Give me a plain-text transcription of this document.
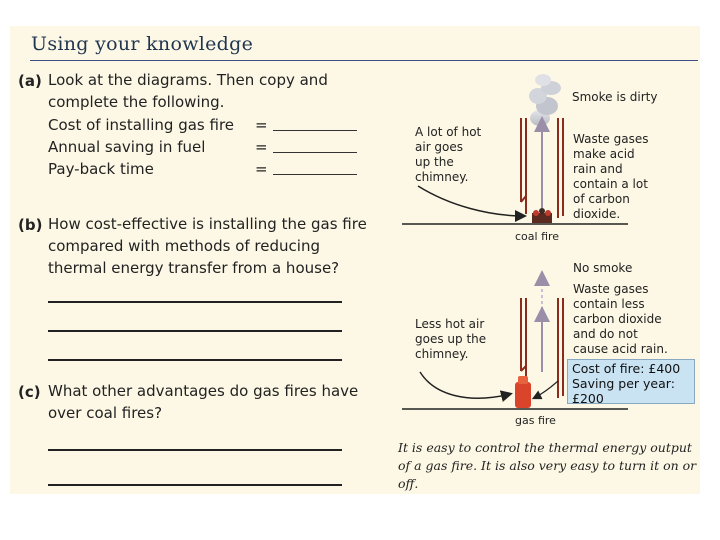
Using your knowledge
(a) Look at the diagrams. Then copy and
complete the following.
Cost of installing gas fire =
Annual saving in fuel	=
Pay-back time	=
(b) How cost-effective is installing the gas fire
compared with methods of reducing
thermal energy transfer from a house?
(c) What other advantages do gas fires have
over coal fires?
Smoke is dirty
A lot of hot
air goes
up the
chimney.
Waste gases
make acid
rain and
contain a lot
of carbon
dioxide.
coal fire
No smoke
Waste gases
contain less
carbon dioxide
and do not
cause acid rain.
Less hot air
goes up the
chimney.
gas fire
Cost of fire: £400
Saving per year:
£200
It is easy to control the thermal energy output of a gas fire. It is also very easy to turn it on or off.
